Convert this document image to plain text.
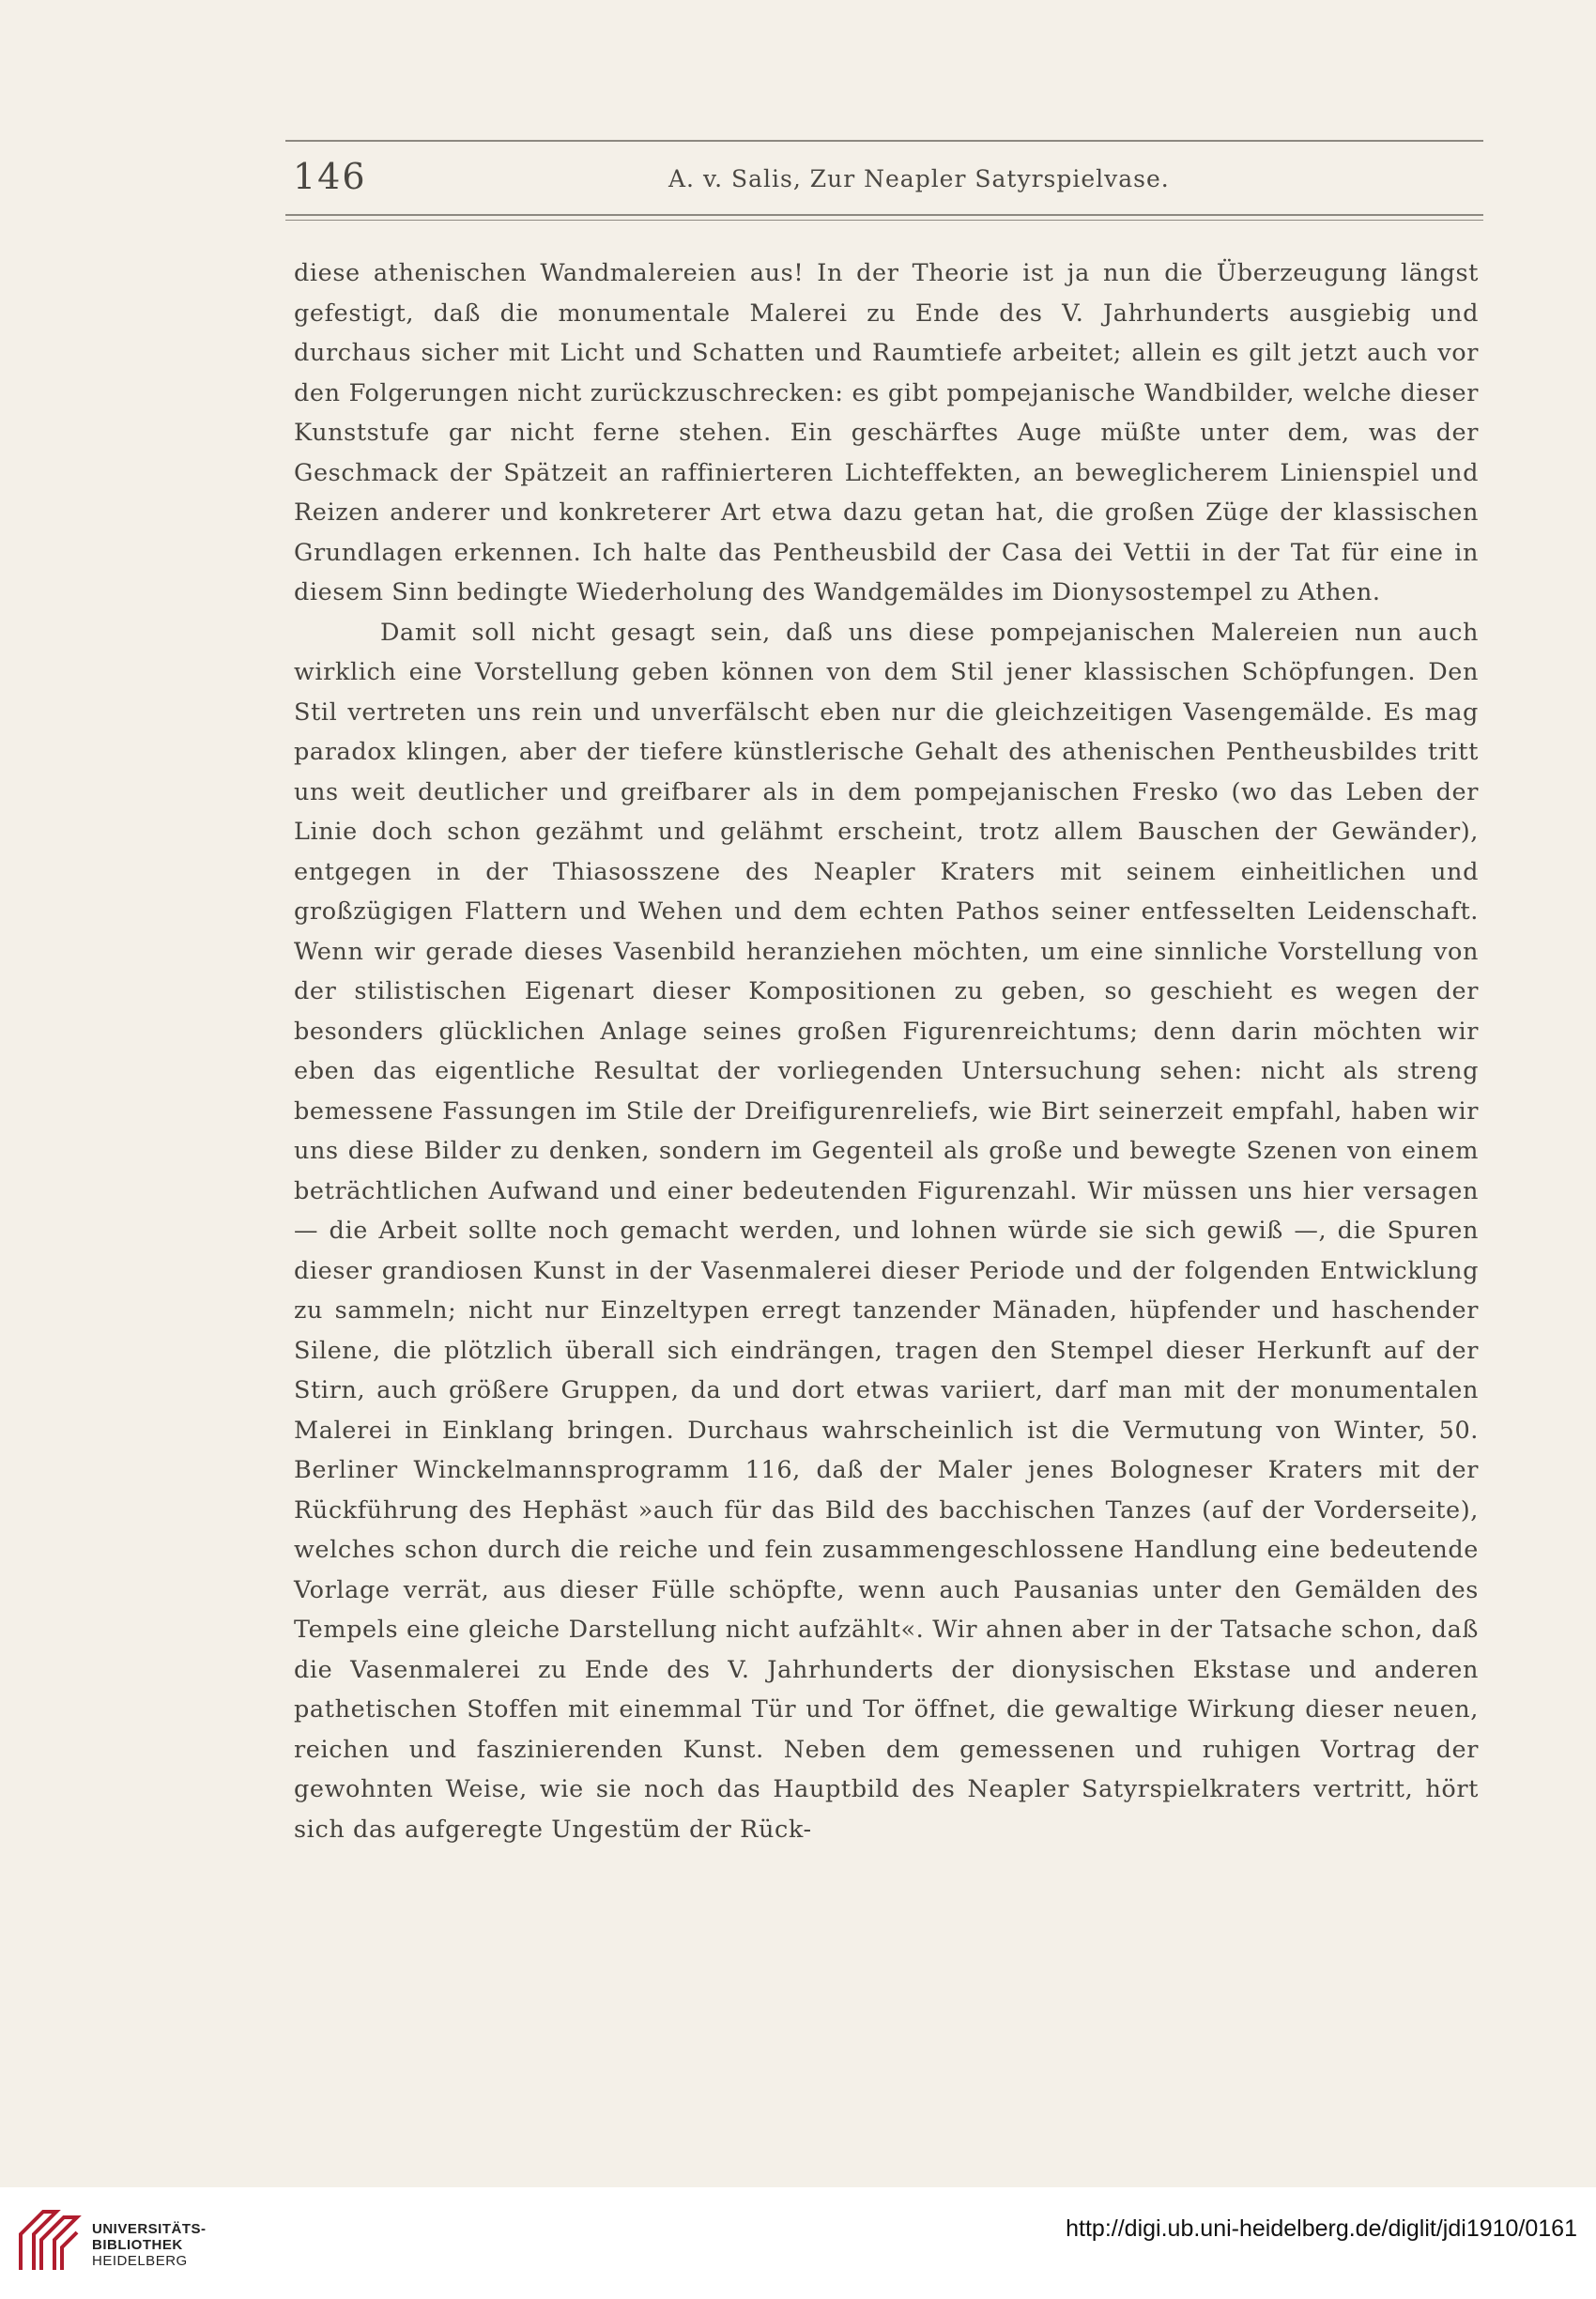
146	A. v. Salis, Zur Neapler Satyrspielvase.

diese athenischen Wandmalereien aus! In der Theorie ist ja nun die Überzeugung längst gefestigt, daß die monumentale Malerei zu Ende des V. Jahrhunderts ausgiebig und durchaus sicher mit Licht und Schatten und Raumtiefe arbeitet; allein es gilt jetzt auch vor den Folgerungen nicht zurückzuschrecken: es gibt pompejanische Wandbilder, welche dieser Kunststufe gar nicht ferne stehen. Ein geschärftes Auge müßte unter dem, was der Geschmack der Spätzeit an raffinierteren Lichteffekten, an beweglicherem Linienspiel und Reizen anderer und konkreterer Art etwa dazu getan hat, die großen Züge der klassischen Grundlagen erkennen. Ich halte das Pentheusbild der Casa dei Vettii in der Tat für eine in diesem Sinn bedingte Wiederholung des Wandgemäldes im Dionysostempel zu Athen.

Damit soll nicht gesagt sein, daß uns diese pompejanischen Malereien nun auch wirklich eine Vorstellung geben können von dem Stil jener klassischen Schöpfungen. Den Stil vertreten uns rein und unverfälscht eben nur die gleichzeitigen Vasengemälde. Es mag paradox klingen, aber der tiefere künstlerische Gehalt des athenischen Pentheusbildes tritt uns weit deutlicher und greifbarer als in dem pompejanischen Fresko (wo das Leben der Linie doch schon gezähmt und gelähmt erscheint, trotz allem Bauschen der Gewänder), entgegen in der Thiasosszene des Neapler Kraters mit seinem einheitlichen und großzügigen Flattern und Wehen und dem echten Pathos seiner entfesselten Leidenschaft. Wenn wir gerade dieses Vasenbild heranziehen möchten, um eine sinnliche Vorstellung von der stilistischen Eigenart dieser Kompositionen zu geben, so geschieht es wegen der besonders glücklichen Anlage seines großen Figurenreichtums; denn darin möchten wir eben das eigentliche Resultat der vorliegenden Untersuchung sehen: nicht als streng bemessene Fassungen im Stile der Dreifigurenreliefs, wie Birt seinerzeit empfahl, haben wir uns diese Bilder zu denken, sondern im Gegenteil als große und bewegte Szenen von einem beträchtlichen Aufwand und einer bedeutenden Figurenzahl. Wir müssen uns hier versagen — die Arbeit sollte noch gemacht werden, und lohnen würde sie sich gewiß —, die Spuren dieser grandiosen Kunst in der Vasenmalerei dieser Periode und der folgenden Entwicklung zu sammeln; nicht nur Einzeltypen erregt tanzender Mänaden, hüpfender und haschender Silene, die plötzlich überall sich eindrängen, tragen den Stempel dieser Herkunft auf der Stirn, auch größere Gruppen, da und dort etwas variiert, darf man mit der monumentalen Malerei in Einklang bringen. Durchaus wahrscheinlich ist die Vermutung von Winter, 50. Berliner Winckelmannsprogramm 116, daß der Maler jenes Bologneser Kraters mit der Rückführung des Hephäst »auch für das Bild des bacchischen Tanzes (auf der Vorderseite), welches schon durch die reiche und fein zusammengeschlossene Handlung eine bedeutende Vorlage verrät, aus dieser Fülle schöpfte, wenn auch Pausanias unter den Gemälden des Tempels eine gleiche Darstellung nicht aufzählt«. Wir ahnen aber in der Tatsache schon, daß die Vasenmalerei zu Ende des V. Jahrhunderts der dionysischen Ekstase und anderen pathetischen Stoffen mit einemmal Tür und Tor öffnet, die gewaltige Wirkung dieser neuen, reichen und faszinierenden Kunst. Neben dem gemessenen und ruhigen Vortrag der gewohnten Weise, wie sie noch das Hauptbild des Neapler Satyrspielkraters vertritt, hört sich das aufgeregte Ungestüm der Rück-

UNIVERSITÄTS-
BIBLIOTHEK
HEIDELBERG
http://digi.ub.uni-heidelberg.de/diglit/jdi1910/0161
